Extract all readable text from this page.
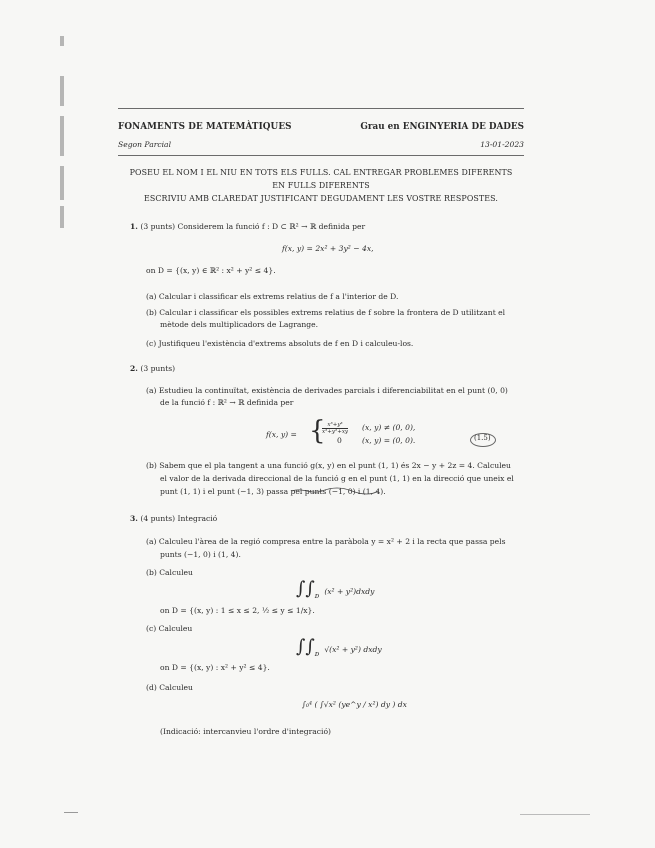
FONAMENTS DE MATEMÀTIQUES	Grau en ENGINYERIA DE DADES
Segon Parcial	13-01-2023
POSEU EL NOM I EL NIU EN TOTS ELS FULLS. CAL ENTREGAR PROBLEMES DIFERENTS
EN FULLS DIFERENTS
ESCRIVIU AMB CLAREDAT JUSTIFICANT DEGUDAMENT LES VOSTRE RESPOSTES.
1. (3 punts) Considerem la funció f : D ⊂ ℝ² → ℝ definida per
f(x, y) = 2x² + 3y² − 4x,
on D = {(x, y) ∈ ℝ² : x² + y² ≤ 4}.
(a) Calcular i classificar els extrems relatius de f a l'interior de D.
(b) Calcular i classificar els possibles extrems relatius de f sobre la frontera de D utilitzant el
mètode dels multiplicadors de Lagrange.
(c) Justifiqueu l'existència d'extrems absoluts de f en D i calculeu-los.
2. (3 punts)
(a) Estudieu la continuïtat, existència de derivades parcials i diferenciabilitat en el punt (0, 0)
de la funció f : ℝ² → ℝ definida per
f(x, y) = {
$\frac{\text{x³+y³}}{\text{x²+y²+xy}} (x$, y) ≠ (0, 0),
0	(x, y) = (0, 0).	(1.5)
(b) Sabem que el pla tangent a una funció g(x, y) en el punt (1, 1) és 2x − y + 2z = 4. Calculeu
el valor de la derivada direccional de la funció g en el punt (1, 1) en la direcció que uneix el
punt (1, 1) i el punt (−1, 3) passa pel punts (−1, 0) i (1, 4).
3. (4 punts) Integració
(a) Calculeu l'àrea de la regió compresa entre la paràbola y = x² + 2 i la recta que passa pels
punts (−1, 0) i (1, 4).
(b) Calculeu
$\int\int_ᴅ$ (x² + y²)dxdy
on D = {(x, y) : 1 ≤ x ≤ 2, ½ ≤ y ≤ 1/x}.
(c) Calculeu
$\int\int_ᴅ$ √(x² + y²) dxdy
on D = {(x, y) : x² + y² ≤ 4}.
(d) Calculeu
∫₀⁴ ( ∫√x² (ye^y / x²) dy ) dx
(Indicació: intercanvieu l'ordre d'integració)
